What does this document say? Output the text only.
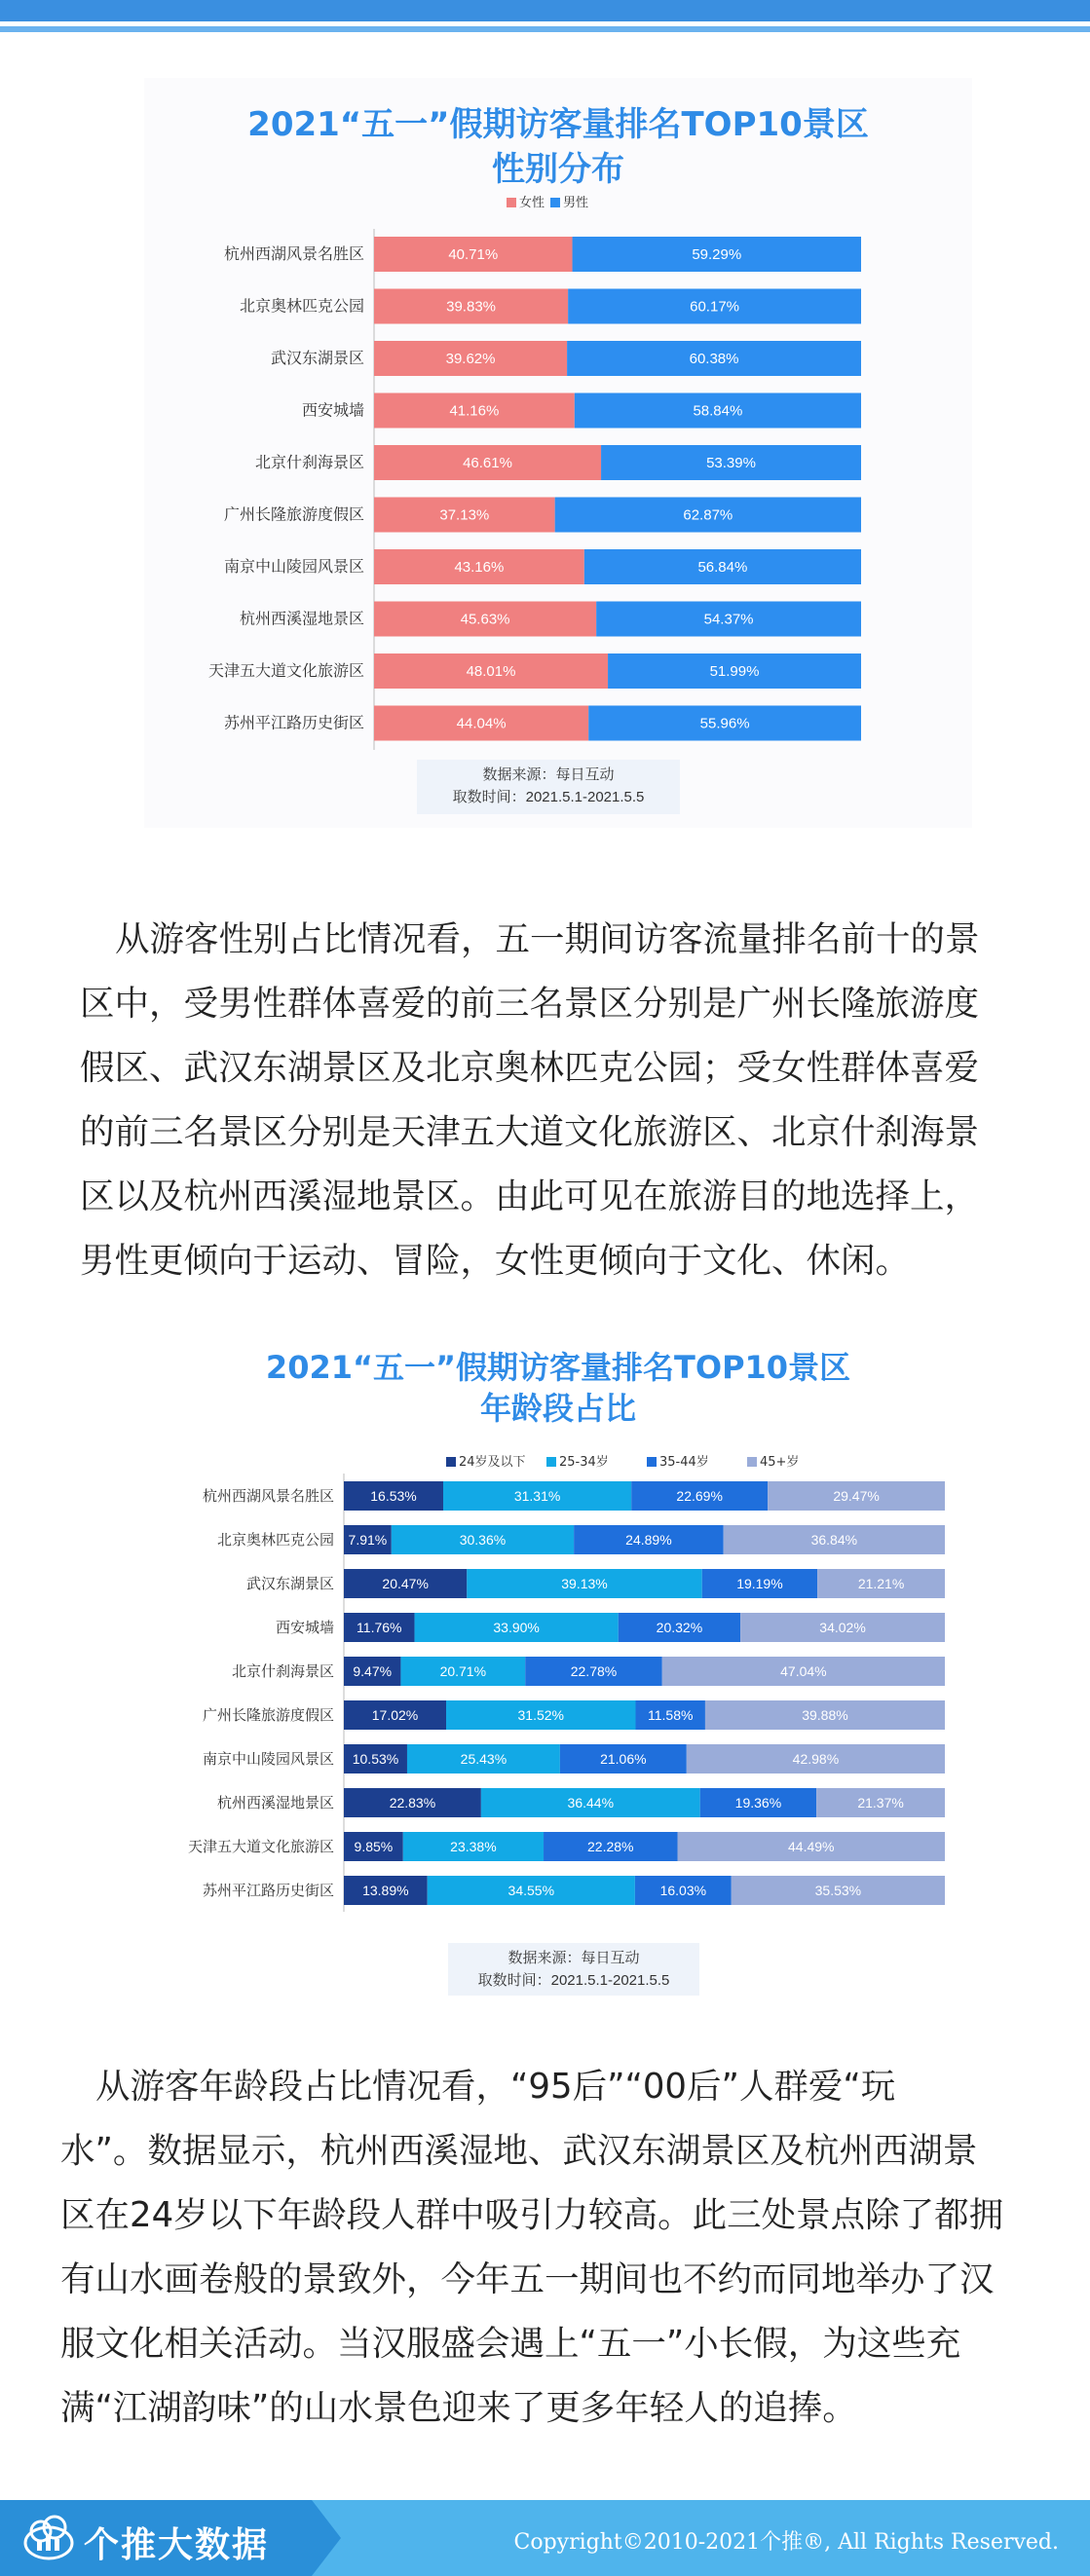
2021“五一”假期访客量排名TOP10景区
性别分布
女性 男性
杭州西湖风景名胜区	40.71%	59.29%
北京奥林匹克公园	39.83%	60.17%
武汉东湖景区	39.62%	60.38%
西安城墙	41.16%	58.84%
北京什刹海景区	46.61%	53.39%
广州长隆旅游度假区	37.13%	62.87%
南京中山陵园风景区	43.16%	56.84%
杭州西溪湿地景区	45.63%	54.37%
天津五大道文化旅游区	48.01%	51.99%
苏州平江路历史街区	44.04%	55.96%
数据来源：每日互动
取数时间：2021.5.1-2021.5.5
从游客性别占比情况看，五一期间访客流量排名前十的景
区中，受男性群体喜爱的前三名景区分别是广州长隆旅游度
假区、武汉东湖景区及北京奥林匹克公园；受女性群体喜爱
的前三名景区分别是天津五大道文化旅游区、北京什刹海景
区以及杭州西溪湿地景区。由此可见在旅游目的地选择上，
男性更倾向于运动、冒险，女性更倾向于文化、休闲。
2021“五一”假期访客量排名TOP10景区
年龄段占比
24岁及以下	25-34岁	35-44岁	45+岁
杭州西湖风景名胜区	16.53%	31.31%	22.69%	29.47%
北京奥林匹克公园 7.91%	30.36%	24.89%	36.84%
武汉东湖景区	20.47%	39.13%	19.19%	21.21%
西安城墙 11.76%	33.90%	20.32%	34.02%
北京什刹海景区 9.47%	20.71%	22.78%	47.04%
广州长隆旅游度假区	17.02%	31.52%	11.58%	39.88%
南京中山陵园风景区 10.53%	25.43%	21.06%	42.98%
杭州西溪湿地景区	22.83%	36.44%	19.36%	21.37%
天津五大道文化旅游区 9.85%	23.38%	22.28%	44.49%
苏州平江路历史街区 13.89%	34.55%	16.03%	35.53%
数据来源：每日互动
取数时间：2021.5.1-2021.5.5
从游客年龄段占比情况看，“95后”“00后”人群爱“玩
水”。数据显示，杭州西溪湿地、武汉东湖景区及杭州西湖景
区在24岁以下年龄段人群中吸引力较高。此三处景点除了都拥
有山水画卷般的景致外，今年五一期间也不约而同地举办了汉
服文化相关活动。当汉服盛会遇上“五一”小长假，为这些充
满“江湖韵味”的山水景色迎来了更多年轻人的追捧。
个推大数据	Copyright©2010-2021个推®, All Rights Reserved.
